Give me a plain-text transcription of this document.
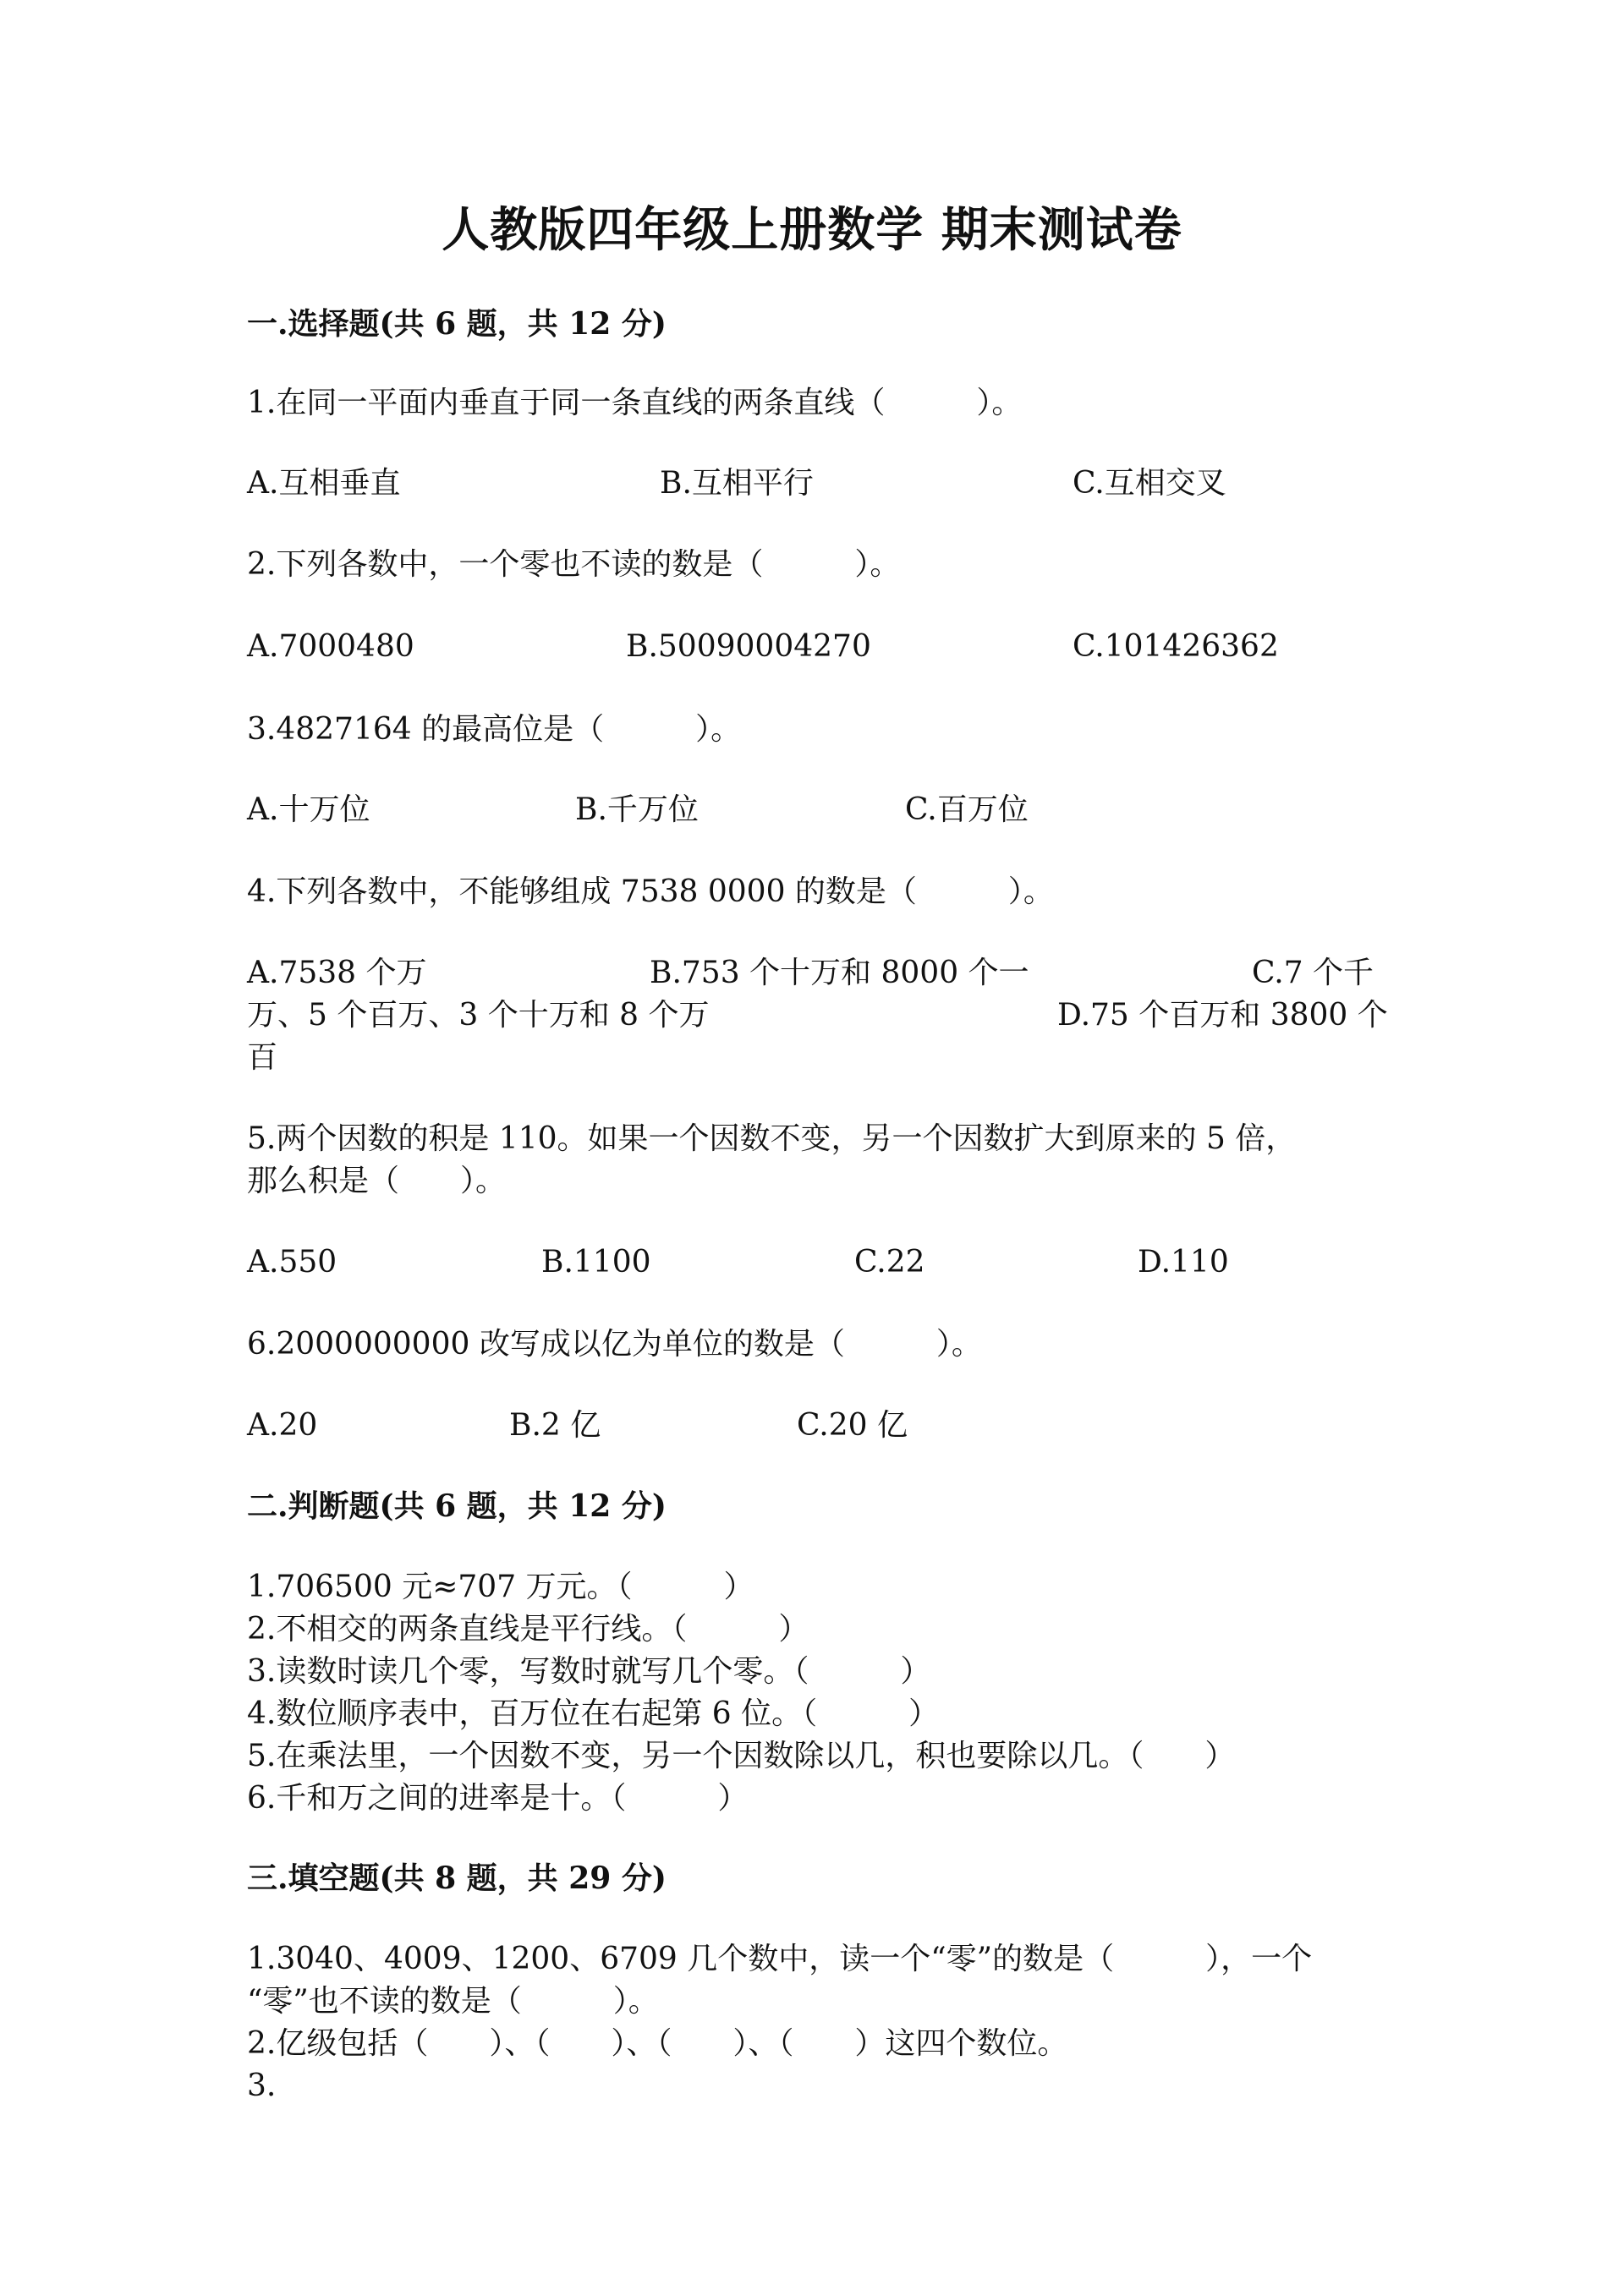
人教版四年级上册数学 期末测试卷
一.选择题(共 6 题，共 12 分)
1.在同一平面内垂直于同一条直线的两条直线（　　　）。
A.互相垂直	B.互相平行	C.互相交叉
2.下列各数中，一个零也不读的数是（　　　）。
A.7000480	B.50090004270	C.101426362
3.4827164 的最高位是（　　　）。
A.十万位	B.千万位	C.百万位
4.下列各数中，不能够组成 7538 0000 的数是（　　　）。
A.7538 个万	B.753 个十万和 8000 个一	C.7 个千
万、5 个百万、3 个十万和 8 个万	D.75 个百万和 3800 个
百
5.两个因数的积是 110。如果一个因数不变，另一个因数扩大到原来的 5 倍，
那么积是（　　）。
A.550	B.1100	C.22	D.110
6.2000000000 改写成以亿为单位的数是（　　　）。
A.20	B.2 亿	C.20 亿
二.判断题(共 6 题，共 12 分)
1.706500 元≈707 万元。（　　　）
2.不相交的两条直线是平行线。（　　　）
3.读数时读几个零，写数时就写几个零。（　　　）
4.数位顺序表中，百万位在右起第 6 位。（　　　）
5.在乘法里，一个因数不变，另一个因数除以几，积也要除以几。（　　）
6.千和万之间的进率是十。（　　　）
三.填空题(共 8 题，共 29 分)
1.3040、4009、1200、6709 几个数中，读一个“零”的数是（　　　），一个
“零”也不读的数是（　　　）。
2.亿级包括（　　）、（　　）、（　　）、（　　）这四个数位。
3.
